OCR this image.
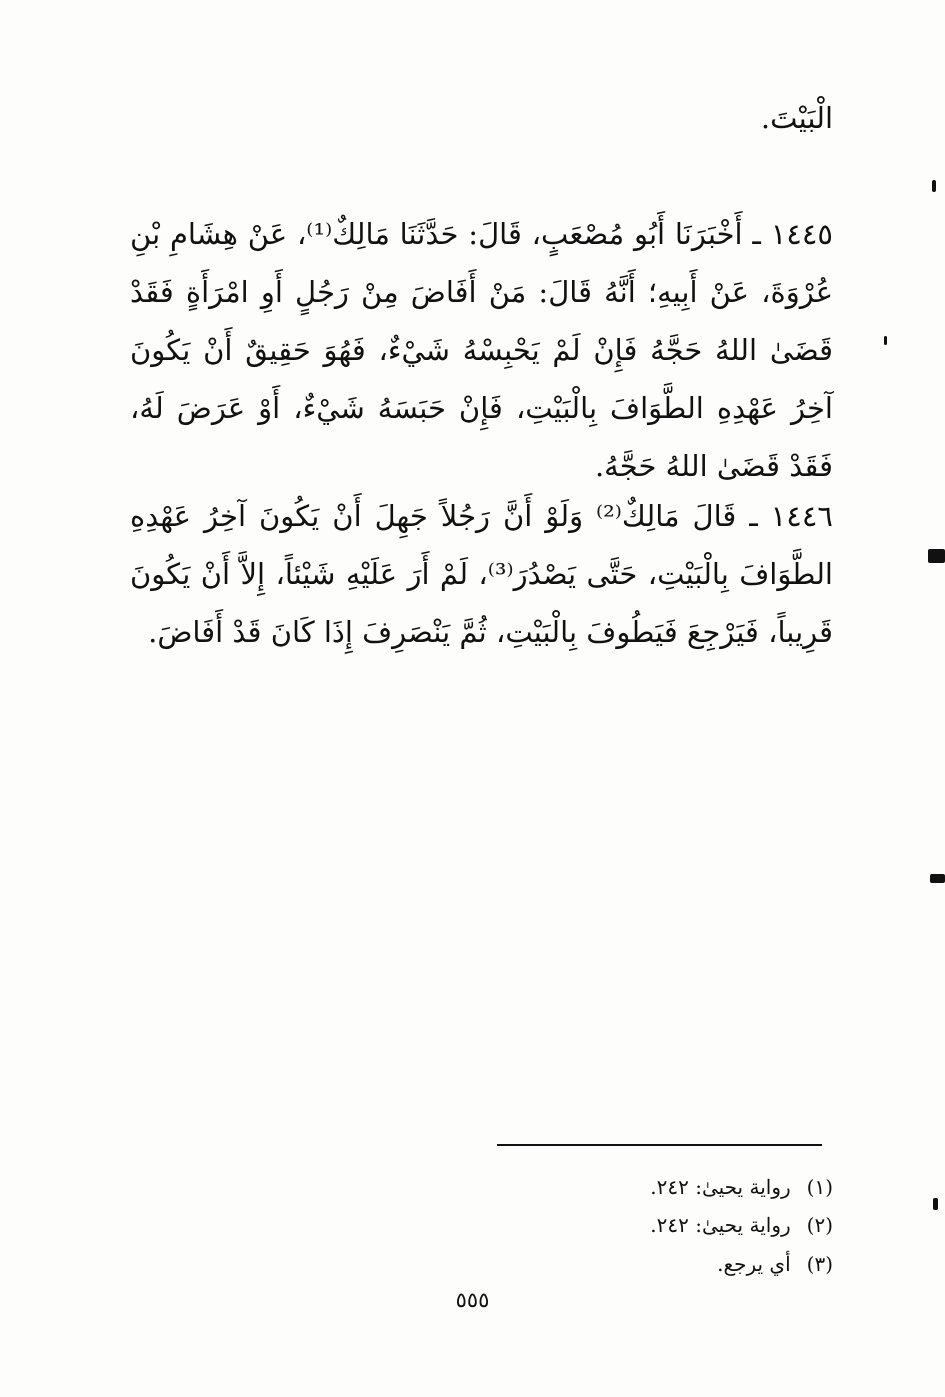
الْبَيْتَ.
١٤٤٥ ـ أَخْبَرَنَا أَبُو مُصْعَبٍ، قَالَ: حَدَّثَنَا مَالِكٌ⁽¹⁾، عَنْ هِشَامِ بْنِ عُرْوَةَ، عَنْ أَبِيهِ؛ أَنَّهُ قَالَ: مَنْ أَفَاضَ مِنْ رَجُلٍ أَوِ امْرَأَةٍ فَقَدْ قَضَىٰ اللهُ حَجَّهُ فَإِنْ لَمْ يَحْبِسْهُ شَيْءٌ، فَهُوَ حَقِيقٌ أَنْ يَكُونَ آخِرُ عَهْدِهِ الطَّوَافَ بِالْبَيْتِ، فَإِنْ حَبَسَهُ شَيْءٌ، أَوْ عَرَضَ لَهُ، فَقَدْ قَضَىٰ اللهُ حَجَّهُ.
١٤٤٦ ـ قَالَ مَالِكٌ⁽²⁾ وَلَوْ أَنَّ رَجُلاً جَهِلَ أَنْ يَكُونَ آخِرُ عَهْدِهِ الطَّوَافَ بِالْبَيْتِ، حَتَّى يَصْدُرَ⁽³⁾، لَمْ أَرَ عَلَيْهِ شَيْئاً، إِلاَّ أَنْ يَكُونَ قَرِيباً، فَيَرْجِعَ فَيَطُوفَ بِالْبَيْتِ، ثُمَّ يَنْصَرِفَ إِذَا كَانَ قَدْ أَفَاضَ.
(١) رواية يحيىٰ: ٢٤٢.
(٢) رواية يحيىٰ: ٢٤٢.
(٣) أي يرجع.
٥٥٥
